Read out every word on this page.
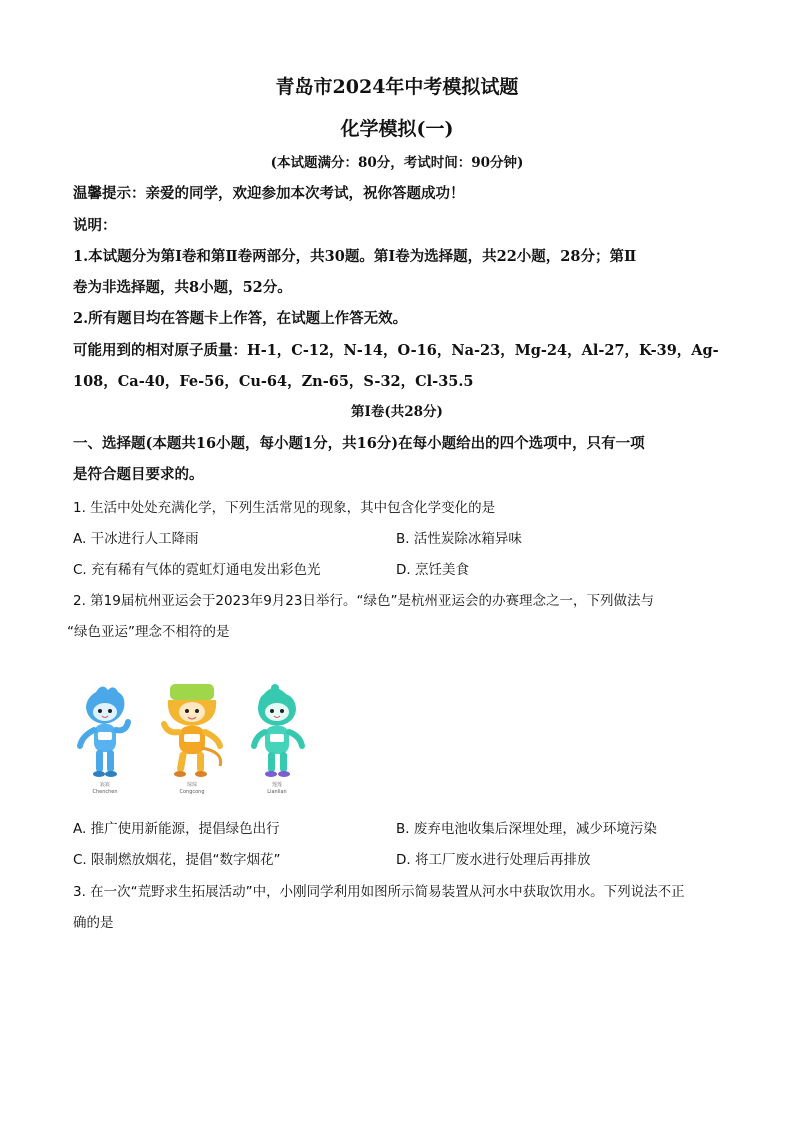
青岛市2024年中考模拟试题
化学模拟(一)
(本试题满分：80分，考试时间：90分钟)
温馨提示：亲爱的同学，欢迎参加本次考试，祝你答题成功！
说明：
1.本试题分为第Ⅰ卷和第Ⅱ卷两部分，共30题。第Ⅰ卷为选择题，共22小题，28分；第Ⅱ
卷为非选择题，共8小题，52分。
2.所有题目均在答题卡上作答，在试题上作答无效。
可能用到的相对原子质量：H-1，C-12，N-14，O-16，Na-23，Mg-24，Al-27，K-39，Ag-
108，Ca-40，Fe-56，Cu-64，Zn-65，S-32，Cl-35.5
第Ⅰ卷(共28分)
一、选择题(本题共16小题，每小题1分，共16分)在每小题给出的四个选项中，只有一项
是符合题目要求的。
1. 生活中处处充满化学，下列生活常见的现象，其中包含化学变化的是
A. 干冰进行人工降雨	B. 活性炭除冰箱异味
C. 充有稀有气体的霓虹灯通电发出彩色光	D. 烹饪美食
2. 第19届杭州亚运会于2023年9月23日举行。“绿色”是杭州亚运会的办赛理念之一，下列做法与
“绿色亚运”理念不相符的是
宸宸
Chenchen
琮琮
Congcong
莲莲
Lianlian
A. 推广使用新能源，提倡绿色出行	B. 废弃电池收集后深埋处理，减少环境污染
C. 限制燃放烟花，提倡“数字烟花”	D. 将工厂废水进行处理后再排放
3. 在一次“荒野求生拓展活动”中，小刚同学利用如图所示简易装置从河水中获取饮用水。下列说法不正
确的是
